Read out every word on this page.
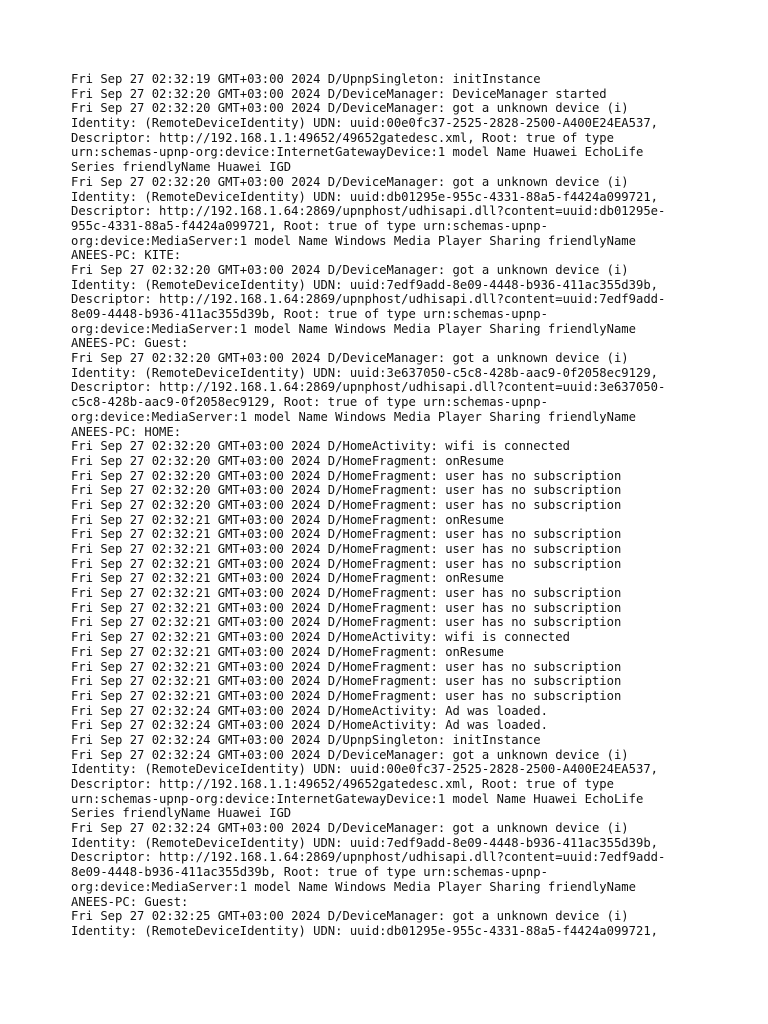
Fri Sep 27 02:32:19 GMT+03:00 2024 D/UpnpSingleton: initInstance
Fri Sep 27 02:32:20 GMT+03:00 2024 D/DeviceManager: DeviceManager started
Fri Sep 27 02:32:20 GMT+03:00 2024 D/DeviceManager: got a unknown device (i)
Identity: (RemoteDeviceIdentity) UDN: uuid:00e0fc37-2525-2828-2500-A400E24EA537,
Descriptor: http://192.168.1.1:49652/49652gatedesc.xml, Root: true of type
urn:schemas-upnp-org:device:InternetGatewayDevice:1 model Name Huawei EchoLife
Series friendlyName Huawei IGD
Fri Sep 27 02:32:20 GMT+03:00 2024 D/DeviceManager: got a unknown device (i)
Identity: (RemoteDeviceIdentity) UDN: uuid:db01295e-955c-4331-88a5-f4424a099721,
Descriptor: http://192.168.1.64:2869/upnphost/udhisapi.dll?content=uuid:db01295e-
955c-4331-88a5-f4424a099721, Root: true of type urn:schemas-upnp-
org:device:MediaServer:1 model Name Windows Media Player Sharing friendlyName
ANEES-PC: KITE:
Fri Sep 27 02:32:20 GMT+03:00 2024 D/DeviceManager: got a unknown device (i)
Identity: (RemoteDeviceIdentity) UDN: uuid:7edf9add-8e09-4448-b936-411ac355d39b,
Descriptor: http://192.168.1.64:2869/upnphost/udhisapi.dll?content=uuid:7edf9add-
8e09-4448-b936-411ac355d39b, Root: true of type urn:schemas-upnp-
org:device:MediaServer:1 model Name Windows Media Player Sharing friendlyName
ANEES-PC: Guest:
Fri Sep 27 02:32:20 GMT+03:00 2024 D/DeviceManager: got a unknown device (i)
Identity: (RemoteDeviceIdentity) UDN: uuid:3e637050-c5c8-428b-aac9-0f2058ec9129,
Descriptor: http://192.168.1.64:2869/upnphost/udhisapi.dll?content=uuid:3e637050-
c5c8-428b-aac9-0f2058ec9129, Root: true of type urn:schemas-upnp-
org:device:MediaServer:1 model Name Windows Media Player Sharing friendlyName
ANEES-PC: HOME:
Fri Sep 27 02:32:20 GMT+03:00 2024 D/HomeActivity: wifi is connected
Fri Sep 27 02:32:20 GMT+03:00 2024 D/HomeFragment: onResume
Fri Sep 27 02:32:20 GMT+03:00 2024 D/HomeFragment: user has no subscription
Fri Sep 27 02:32:20 GMT+03:00 2024 D/HomeFragment: user has no subscription
Fri Sep 27 02:32:20 GMT+03:00 2024 D/HomeFragment: user has no subscription
Fri Sep 27 02:32:21 GMT+03:00 2024 D/HomeFragment: onResume
Fri Sep 27 02:32:21 GMT+03:00 2024 D/HomeFragment: user has no subscription
Fri Sep 27 02:32:21 GMT+03:00 2024 D/HomeFragment: user has no subscription
Fri Sep 27 02:32:21 GMT+03:00 2024 D/HomeFragment: user has no subscription
Fri Sep 27 02:32:21 GMT+03:00 2024 D/HomeFragment: onResume
Fri Sep 27 02:32:21 GMT+03:00 2024 D/HomeFragment: user has no subscription
Fri Sep 27 02:32:21 GMT+03:00 2024 D/HomeFragment: user has no subscription
Fri Sep 27 02:32:21 GMT+03:00 2024 D/HomeFragment: user has no subscription
Fri Sep 27 02:32:21 GMT+03:00 2024 D/HomeActivity: wifi is connected
Fri Sep 27 02:32:21 GMT+03:00 2024 D/HomeFragment: onResume
Fri Sep 27 02:32:21 GMT+03:00 2024 D/HomeFragment: user has no subscription
Fri Sep 27 02:32:21 GMT+03:00 2024 D/HomeFragment: user has no subscription
Fri Sep 27 02:32:21 GMT+03:00 2024 D/HomeFragment: user has no subscription
Fri Sep 27 02:32:24 GMT+03:00 2024 D/HomeActivity: Ad was loaded.
Fri Sep 27 02:32:24 GMT+03:00 2024 D/HomeActivity: Ad was loaded.
Fri Sep 27 02:32:24 GMT+03:00 2024 D/UpnpSingleton: initInstance
Fri Sep 27 02:32:24 GMT+03:00 2024 D/DeviceManager: got a unknown device (i)
Identity: (RemoteDeviceIdentity) UDN: uuid:00e0fc37-2525-2828-2500-A400E24EA537,
Descriptor: http://192.168.1.1:49652/49652gatedesc.xml, Root: true of type
urn:schemas-upnp-org:device:InternetGatewayDevice:1 model Name Huawei EchoLife
Series friendlyName Huawei IGD
Fri Sep 27 02:32:24 GMT+03:00 2024 D/DeviceManager: got a unknown device (i)
Identity: (RemoteDeviceIdentity) UDN: uuid:7edf9add-8e09-4448-b936-411ac355d39b,
Descriptor: http://192.168.1.64:2869/upnphost/udhisapi.dll?content=uuid:7edf9add-
8e09-4448-b936-411ac355d39b, Root: true of type urn:schemas-upnp-
org:device:MediaServer:1 model Name Windows Media Player Sharing friendlyName
ANEES-PC: Guest:
Fri Sep 27 02:32:25 GMT+03:00 2024 D/DeviceManager: got a unknown device (i)
Identity: (RemoteDeviceIdentity) UDN: uuid:db01295e-955c-4331-88a5-f4424a099721,
